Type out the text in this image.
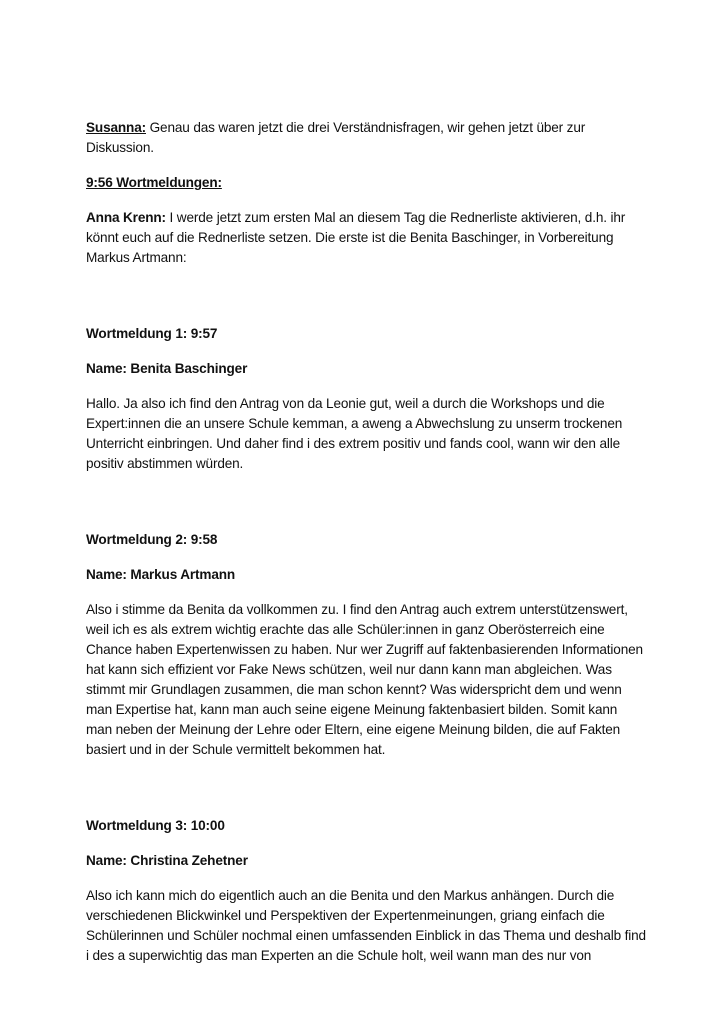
Susanna: Genau das waren jetzt die drei Verständnisfragen, wir gehen jetzt über zur Diskussion.

9:56 Wortmeldungen:

Anna Krenn: I werde jetzt zum ersten Mal an diesem Tag die Rednerliste aktivieren, d.h. ihr könnt euch auf die Rednerliste setzen. Die erste ist die Benita Baschinger, in Vorbereitung Markus Artmann:

Wortmeldung 1: 9:57

Name: Benita Baschinger

Hallo. Ja also ich find den Antrag von da Leonie gut, weil a durch die Workshops und die Expert:innen die an unsere Schule kemman, a aweng a Abwechslung zu unserm trockenen Unterricht einbringen. Und daher find i des extrem positiv und fands cool, wann wir den alle positiv abstimmen würden.

Wortmeldung 2: 9:58

Name: Markus Artmann

Also i stimme da Benita da vollkommen zu. I find den Antrag auch extrem unterstützenswert, weil ich es als extrem wichtig erachte das alle Schüler:innen in ganz Oberösterreich eine Chance haben Expertenwissen zu haben. Nur wer Zugriff auf faktenbasierenden Informationen hat kann sich effizient vor Fake News schützen, weil nur dann kann man abgleichen. Was stimmt mir Grundlagen zusammen, die man schon kennt? Was widerspricht dem und wenn man Expertise hat, kann man auch seine eigene Meinung faktenbasiert bilden. Somit kann man neben der Meinung der Lehre oder Eltern, eine eigene Meinung bilden, die auf Fakten basiert und in der Schule vermittelt bekommen hat.

Wortmeldung 3: 10:00

Name: Christina Zehetner

Also ich kann mich do eigentlich auch an die Benita und den Markus anhängen. Durch die verschiedenen Blickwinkel und Perspektiven der Expertenmeinungen, griang einfach die Schülerinnen und Schüler nochmal einen umfassenden Einblick in das Thema und deshalb find i des a superwichtig das man Experten an die Schule holt, weil wann man des nur von
